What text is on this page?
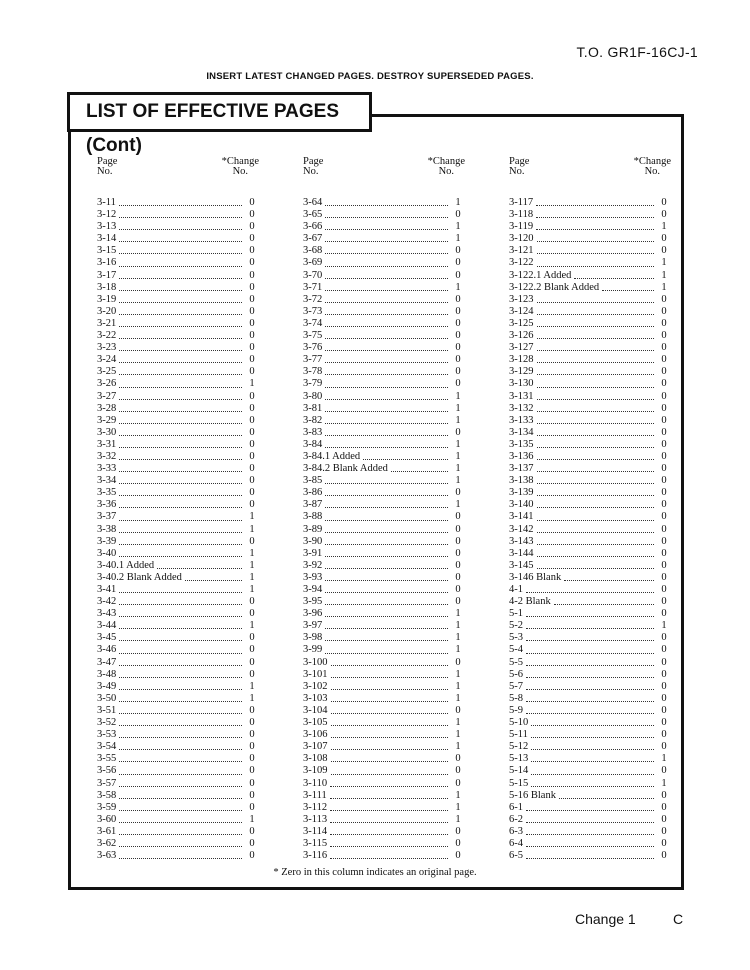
T.O. GR1F-16CJ-1
INSERT LATEST CHANGED PAGES. DESTROY SUPERSEDED PAGES.
LIST OF EFFECTIVE PAGES (Cont)
Page
No.
*Change
No.
3-11	0
3-12	0
3-13	0
3-14	0
3-15	0
3-16	0
3-17	0
3-18	0
3-19	0
3-20	0
3-21	0
3-22	0
3-23	0
3-24	0
3-25	0
3-26	1
3-27	0
3-28	0
3-29	0
3-30	0
3-31	0
3-32	0
3-33	0
3-34	0
3-35	0
3-36	0
3-37	1
3-38	1
3-39	0
3-40	1
3-40.1 Added	1
3-40.2 Blank Added	1
3-41	1
3-42	0
3-43	0
3-44	1
3-45	0
3-46	0
3-47	0
3-48	0
3-49	1
3-50	1
3-51	0
3-52	0
3-53	0
3-54	0
3-55	0
3-56	0
3-57	0
3-58	0
3-59	0
3-60	1
3-61	0
3-62	0
3-63	0
Page
No.
*Change
No.
3-64	1
3-65	0
3-66	1
3-67	1
3-68	0
3-69	0
3-70	0
3-71	1
3-72	0
3-73	0
3-74	0
3-75	0
3-76	0
3-77	0
3-78	0
3-79	0
3-80	1
3-81	1
3-82	1
3-83	0
3-84	1
3-84.1 Added	1
3-84.2 Blank Added	1
3-85	1
3-86	0
3-87	1
3-88	0
3-89	0
3-90	0
3-91	0
3-92	0
3-93	0
3-94	0
3-95	0
3-96	1
3-97	1
3-98	1
3-99	1
3-100	0
3-101	1
3-102	1
3-103	1
3-104	0
3-105	1
3-106	1
3-107	1
3-108	0
3-109	0
3-110	0
3-111	1
3-112	1
3-113	1
3-114	0
3-115	0
3-116	0
Page
No.
*Change
No.
3-117	0
3-118	0
3-119	1
3-120	0
3-121	0
3-122	1
3-122.1 Added	1
3-122.2 Blank Added	1
3-123	0
3-124	0
3-125	0
3-126	0
3-127	0
3-128	0
3-129	0
3-130	0
3-131	0
3-132	0
3-133	0
3-134	0
3-135	0
3-136	0
3-137	0
3-138	0
3-139	0
3-140	0
3-141	0
3-142	0
3-143	0
3-144	0
3-145	0
3-146 Blank	0
4-1	0
4-2 Blank	0
5-1	0
5-2	1
5-3	0
5-4	0
5-5	0
5-6	0
5-7	0
5-8	0
5-9	0
5-10	0
5-11	0
5-12	0
5-13	1
5-14	0
5-15	1
5-16 Blank	0
6-1	0
6-2	0
6-3	0
6-4	0
6-5	0
* Zero in this column indicates an original page.
Change 1	C
